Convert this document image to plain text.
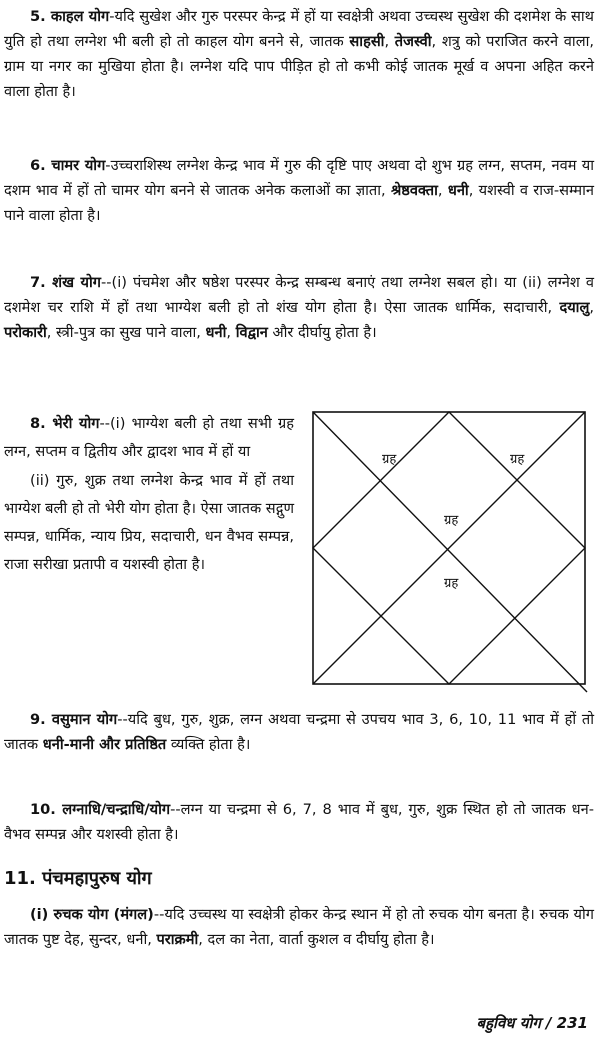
5. काहल योग-यदि सुखेश और गुरु परस्पर केन्द्र में हों या स्वक्षेत्री अथवा उच्चस्थ सुखेश की दशमेश के साथ युति हो तथा लग्नेश भी बली हो तो काहल योग बनने से, जातक साहसी, तेजस्वी, शत्रु को पराजित करने वाला, ग्राम या नगर का मुखिया होता है। लग्नेश यदि पाप पीड़ित हो तो कभी कोई जातक मूर्ख व अपना अहित करने वाला होता है।

6. चामर योग-उच्चराशिस्थ लग्नेश केन्द्र भाव में गुरु की दृष्टि पाए अथवा दो शुभ ग्रह लग्न, सप्तम, नवम या दशम भाव में हों तो चामर योग बनने से जातक अनेक कलाओं का ज्ञाता, श्रेष्ठवक्ता, धनी, यशस्वी व राज-सम्मान पाने वाला होता है।

7. शंख योग--(i) पंचमेश और षष्ठेश परस्पर केन्द्र सम्बन्ध बनाएं तथा लग्नेश सबल हो। या (ii) लग्नेश व दशमेश चर राशि में हों तथा भाग्येश बली हो तो शंख योग होता है। ऐसा जातक धार्मिक, सदाचारी, दयालु, परोकारी, स्त्री-पुत्र का सुख पाने वाला, धनी, विद्वान और दीर्घायु होता है।

8. भेरी योग--(i) भाग्येश बली हो तथा सभी ग्रह लग्न, सप्तम व द्वितीय और द्वादश भाव में हों या

(ii) गुरु, शुक्र तथा लग्नेश केन्द्र भाव में हों तथा भाग्येश बली हो तो भेरी योग होता है। ऐसा जातक सद्गुण सम्पन्न, धार्मिक, न्याय प्रिय, सदाचारी, धन वैभव सम्पन्न, राजा सरीखा प्रतापी व यशस्वी होता है।

ग्रह	ग्रह
ग्रह
ग्रह

9. वसुमान योग--यदि बुध, गुरु, शुक्र, लग्न अथवा चन्द्रमा से उपचय भाव 3, 6, 10, 11 भाव में हों तो जातक धनी-मानी और प्रतिष्ठित व्यक्ति होता है।

10. लग्नाधि/चन्द्राधि/योग--लग्न या चन्द्रमा से 6, 7, 8 भाव में बुध, गुरु, शुक्र स्थित हो तो जातक धन-वैभव सम्पन्न और यशस्वी होता है।

11. पंचमहापुरुष योग

(i) रुचक योग (मंगल)--यदि उच्चस्थ या स्वक्षेत्री होकर केन्द्र स्थान में हो तो रुचक योग बनता है। रुचक योग जातक पुष्ट देह, सुन्दर, धनी, पराक्रमी, दल का नेता, वार्ता कुशल व दीर्घायु होता है।

बहुविध योग / 231
